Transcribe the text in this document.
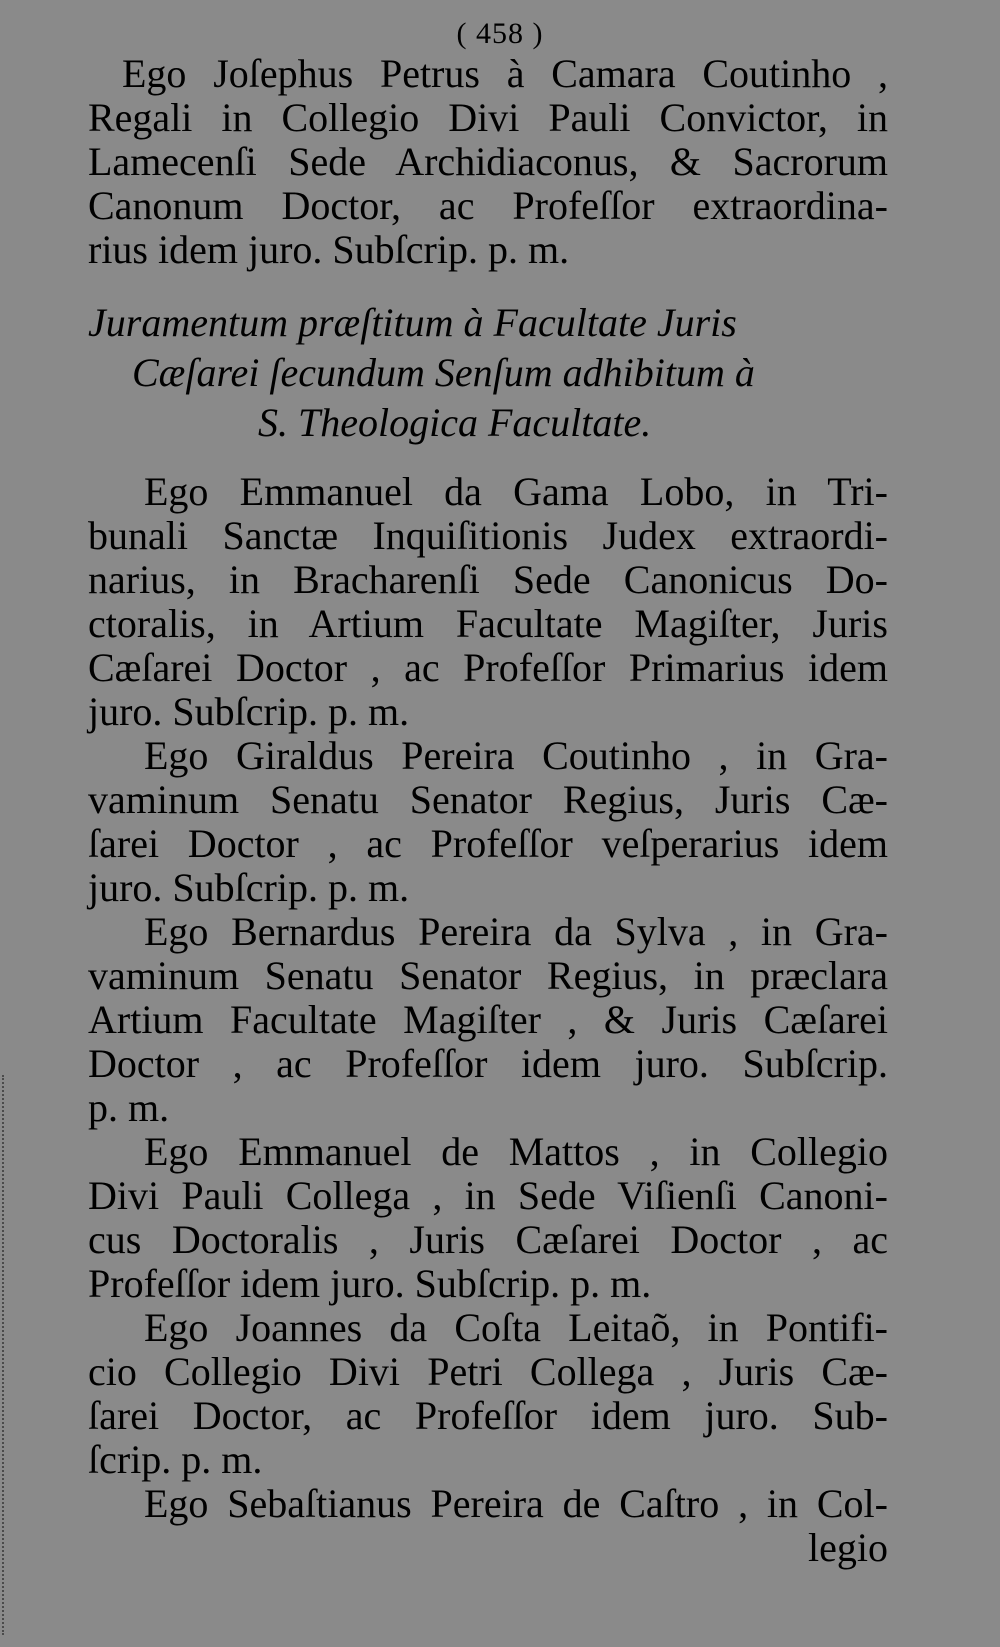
( 458 )
Ego Joſephus Petrus à Camara Coutinho ,
Regali in Collegio Divi Pauli Convictor, in
Lamecenſi Sede Archidiaconus, & Sacrorum
Canonum Doctor, ac Profeſſor extraordina-
rius idem juro. Subſcrip. p. m.
Juramentum præſtitum à Facultate Juris
Cæſarei ſecundum Senſum adhibitum à
S. Theologica Facultate.
Ego Emmanuel da Gama Lobo, in Tri-
bunali Sanctæ Inquiſitionis Judex extraordi-
narius, in Bracharenſi Sede Canonicus Do-
ctoralis, in Artium Facultate Magiſter, Juris
Cæſarei Doctor , ac Profeſſor Primarius idem
juro. Subſcrip. p. m.
Ego Giraldus Pereira Coutinho , in Gra-
vaminum Senatu Senator Regius, Juris Cæ-
ſarei Doctor , ac Profeſſor veſperarius idem
juro. Subſcrip. p. m.
Ego Bernardus Pereira da Sylva , in Gra-
vaminum Senatu Senator Regius, in præclara
Artium Facultate Magiſter , & Juris Cæſarei
Doctor , ac Profeſſor idem juro. Subſcrip.
p. m.
Ego Emmanuel de Mattos , in Collegio
Divi Pauli Collega , in Sede Viſienſi Canoni-
cus Doctoralis , Juris Cæſarei Doctor , ac
Profeſſor idem juro. Subſcrip. p. m.
Ego Joannes da Coſta Leitaõ, in Pontifi-
cio Collegio Divi Petri Collega , Juris Cæ-
ſarei Doctor, ac Profeſſor idem juro. Sub-
ſcrip. p. m.
Ego Sebaſtianus Pereira de Caſtro , in Col-
legio
